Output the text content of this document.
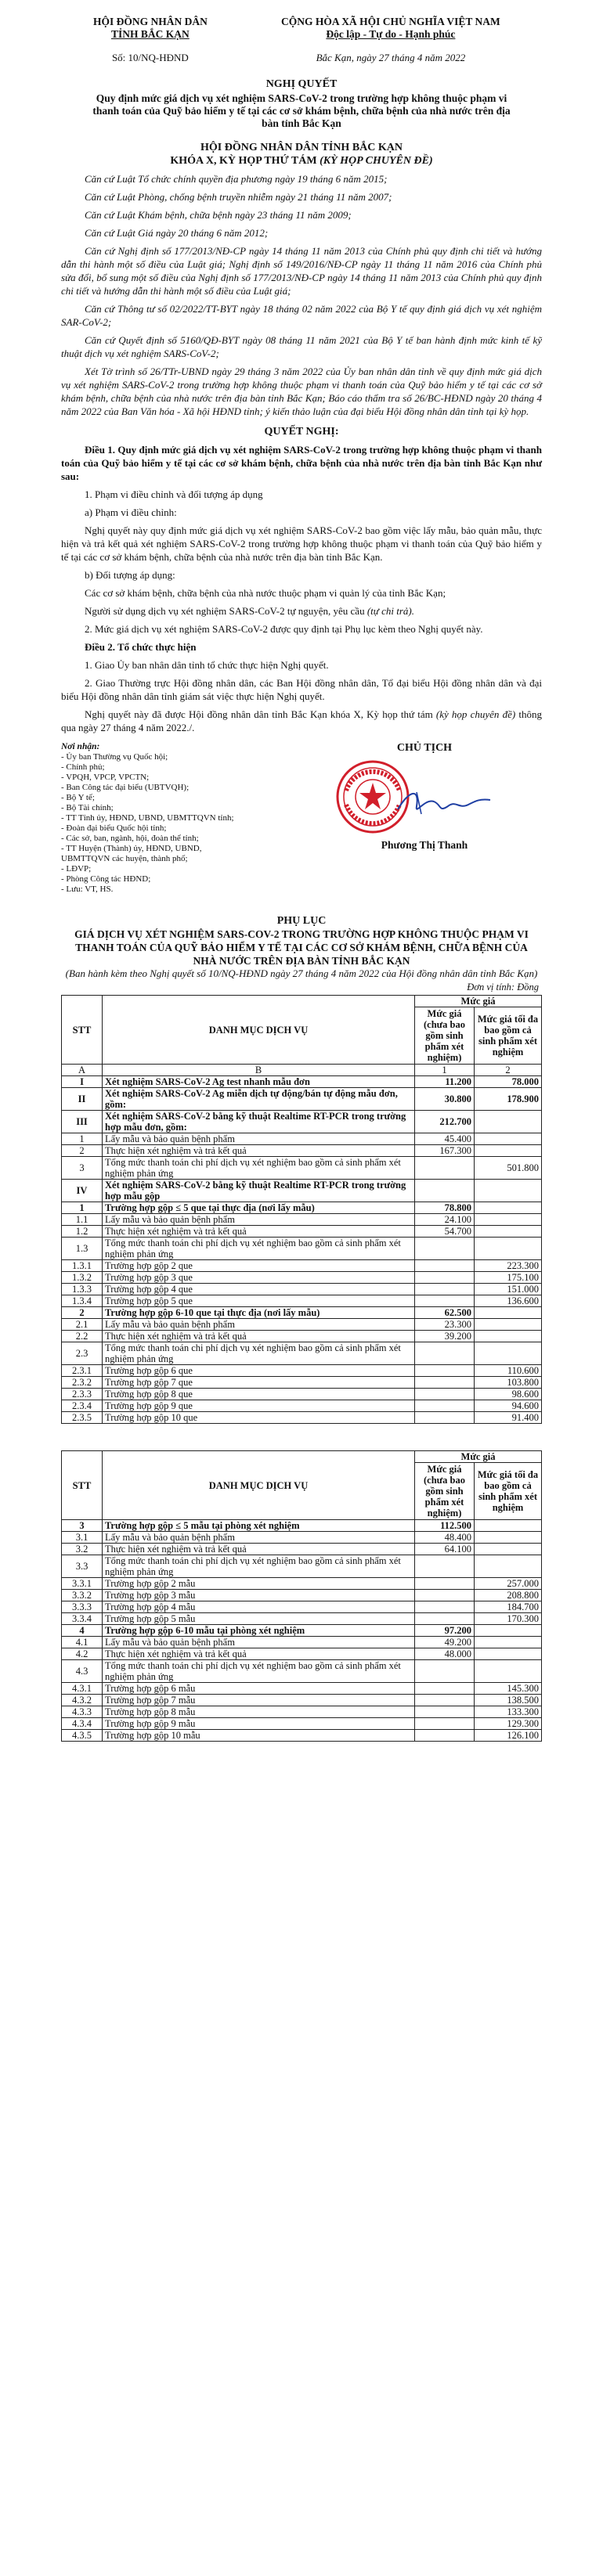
HỘI ĐỒNG NHÂN DÂN
TỈNH BẮC KẠN
CỘNG HÒA XÃ HỘI CHỦ NGHĨA VIỆT NAM
Độc lập - Tự do - Hạnh phúc
Số: 10/NQ-HĐND	Bắc Kạn, ngày 27 tháng 4 năm 2022
NGHỊ QUYẾT
Quy định mức giá dịch vụ xét nghiệm SARS-CoV-2 trong trường hợp không thuộc phạm vi thanh toán của Quỹ bảo hiểm y tế tại các cơ sở khám bệnh, chữa bệnh của nhà nước trên địa bàn tỉnh Bắc Kạn
HỘI ĐỒNG NHÂN DÂN TỈNH BẮC KẠN
KHÓA X, KỲ HỌP THỨ TÁM (KỲ HỌP CHUYÊN ĐỀ)

Căn cứ Luật Tổ chức chính quyền địa phương ngày 19 tháng 6 năm 2015;

Căn cứ Luật Phòng, chống bệnh truyền nhiễm ngày 21 tháng 11 năm 2007;

Căn cứ Luật Khám bệnh, chữa bệnh ngày 23 tháng 11 năm 2009;

Căn cứ Luật Giá ngày 20 tháng 6 năm 2012;

Căn cứ Nghị định số 177/2013/NĐ-CP ngày 14 tháng 11 năm 2013 của Chính phủ quy định chi tiết và hướng dẫn thi hành một số điều của Luật giá; Nghị định số 149/2016/NĐ-CP ngày 11 tháng 11 năm 2016 của Chính phủ sửa đổi, bổ sung một số điều của Nghị định số 177/2013/NĐ-CP ngày 14 tháng 11 năm 2013 của Chính phủ quy định chi tiết và hướng dẫn thi hành một số điều của Luật giá;

Căn cứ Thông tư số 02/2022/TT-BYT ngày 18 tháng 02 năm 2022 của Bộ Y tế quy định giá dịch vụ xét nghiệm SAR-CoV-2;

Căn cứ Quyết định số 5160/QĐ-BYT ngày 08 tháng 11 năm 2021 của Bộ Y tế ban hành định mức kinh tế kỹ thuật dịch vụ xét nghiệm SARS-CoV-2;

Xét Tờ trình số 26/TTr-UBND ngày 29 tháng 3 năm 2022 của Ủy ban nhân dân tỉnh về quy định mức giá dịch vụ xét nghiệm SARS-CoV-2 trong trường hợp không thuộc phạm vi thanh toán của Quỹ bảo hiểm y tế tại các cơ sở khám bệnh, chữa bệnh của nhà nước trên địa bàn tỉnh Bắc Kạn; Báo cáo thẩm tra số 26/BC-HĐND ngày 20 tháng 4 năm 2022 của Ban Văn hóa - Xã hội HĐND tỉnh; ý kiến thảo luận của đại biểu Hội đồng nhân dân tỉnh tại kỳ họp.

QUYẾT NGHỊ:

Điều 1. Quy định mức giá dịch vụ xét nghiệm SARS-CoV-2 trong trường hợp không thuộc phạm vi thanh toán của Quỹ bảo hiểm y tế tại các cơ sở khám bệnh, chữa bệnh của nhà nước trên địa bàn tỉnh Bắc Kạn như sau:

1. Phạm vi điều chỉnh và đối tượng áp dụng

a) Phạm vi điều chỉnh:

Nghị quyết này quy định mức giá dịch vụ xét nghiệm SARS-CoV-2 bao gồm việc lấy mẫu, bảo quản mẫu, thực hiện và trả kết quả xét nghiệm SARS-CoV-2 trong trường hợp không thuộc phạm vi thanh toán của Quỹ bảo hiểm y tế tại các cơ sở khám bệnh, chữa bệnh của nhà nước trên địa bàn tỉnh Bắc Kạn.

b) Đối tượng áp dụng:

Các cơ sở khám bệnh, chữa bệnh của nhà nước thuộc phạm vi quản lý của tỉnh Bắc Kạn;

Người sử dụng dịch vụ xét nghiệm SARS-CoV-2 tự nguyện, yêu cầu (tự chi trả).

2. Mức giá dịch vụ xét nghiệm SARS-CoV-2 được quy định tại Phụ lục kèm theo Nghị quyết này.

Điều 2. Tổ chức thực hiện

1. Giao Ủy ban nhân dân tỉnh tổ chức thực hiện Nghị quyết.

2. Giao Thường trực Hội đồng nhân dân, các Ban Hội đồng nhân dân, Tổ đại biểu Hội đồng nhân dân và đại biểu Hội đồng nhân dân tỉnh giám sát việc thực hiện Nghị quyết.

Nghị quyết này đã được Hội đồng nhân dân tỉnh Bắc Kạn khóa X, Kỳ họp thứ tám (kỳ họp chuyên đề) thông qua ngày 27 tháng 4 năm 2022./.

Nơi nhận:
- Ủy ban Thường vụ Quốc hội;
- Chính phủ;
- VPQH, VPCP, VPCTN;
- Ban Công tác đại biểu (UBTVQH);
- Bộ Y tế;
- Bộ Tài chính;
- TT Tỉnh ủy, HĐND, UBND, UBMTTQVN tỉnh;
- Đoàn đại biểu Quốc hội tỉnh;
- Các sở, ban, ngành, hội, đoàn thể tỉnh;
- TT Huyện (Thành) ủy, HĐND, UBND,
UBMTTQVN các huyện, thành phố;
- LĐVP;
- Phòng Công tác HĐND;
- Lưu: VT, HS.
CHỦ TỊCH
Phương Thị Thanh
PHỤ LỤC
GIÁ DỊCH VỤ XÉT NGHIỆM SARS-COV-2 TRONG TRƯỜNG HỢP KHÔNG THUỘC PHẠM VI THANH TOÁN CỦA QUỸ BẢO HIỂM Y TẾ TẠI CÁC CƠ SỞ KHÁM BỆNH, CHỮA BỆNH CỦA NHÀ NƯỚC TRÊN ĐỊA BÀN TỈNH BẮC KẠN
(Ban hành kèm theo Nghị quyết số 10/NQ-HĐND ngày 27 tháng 4 năm 2022 của Hội đồng nhân dân tỉnh Bắc Kạn)
Đơn vị tính: Đồng
STT	DANH MỤC DỊCH VỤ	Mức giá	
		Mức giá (chưa bao gồm sinh phẩm xét nghiệm)	Mức giá tối đa bao gồm cả sinh phẩm xét nghiệm
A	B	1	2
I	Xét nghiệm SARS-CoV-2 Ag test nhanh mẫu đơn	11.200	78.000
II	Xét nghiệm SARS-CoV-2 Ag miễn dịch tự động/bán tự động mẫu đơn, gồm:	30.800	178.900
III	Xét nghiệm SARS-CoV-2 bằng kỹ thuật Realtime RT-PCR trong trường hợp mẫu đơn, gồm:	212.700	
1	Lấy mẫu và bảo quản bệnh phẩm	45.400	
2	Thực hiện xét nghiệm và trả kết quả	167.300	
3	Tổng mức thanh toán chi phí dịch vụ xét nghiệm bao gồm cả sinh phẩm xét nghiệm phản ứng		501.800
IV	Xét nghiệm SARS-CoV-2 bằng kỹ thuật Realtime RT-PCR trong trường hợp mẫu gộp		
1	Trường hợp gộp ≤ 5 que tại thực địa (nơi lấy mẫu)	78.800	
1.1	Lấy mẫu và bảo quản bệnh phẩm	24.100	
1.2	Thực hiện xét nghiệm và trả kết quả	54.700	
1.3	Tổng mức thanh toán chi phí dịch vụ xét nghiệm bao gồm cả sinh phẩm xét nghiệm phản ứng		
1.3.1	Trường hợp gộp 2 que		223.300
1.3.2	Trường hợp gộp 3 que		175.100
1.3.3	Trường hợp gộp 4 que		151.000
1.3.4	Trường hợp gộp 5 que		136.600
2	Trường hợp gộp 6-10 que tại thực địa (nơi lấy mẫu)	62.500	
2.1	Lấy mẫu và bảo quản bệnh phẩm	23.300	
2.2	Thực hiện xét nghiệm và trả kết quả	39.200	
2.3	Tổng mức thanh toán chi phí dịch vụ xét nghiệm bao gồm cả sinh phẩm xét nghiệm phản ứng		
2.3.1	Trường hợp gộp 6 que		110.600
2.3.2	Trường hợp gộp 7 que		103.800
2.3.3	Trường hợp gộp 8 que		98.600
2.3.4	Trường hợp gộp 9 que		94.600
2.3.5	Trường hợp gộp 10 que		91.400
STT	DANH MỤC DỊCH VỤ	Mức giá	
		Mức giá (chưa bao gồm sinh phẩm xét nghiệm)	Mức giá tối đa bao gồm cả sinh phẩm xét nghiệm
3	Trường hợp gộp ≤ 5 mẫu tại phòng xét nghiệm	112.500	
3.1	Lấy mẫu và bảo quản bệnh phẩm	48.400	
3.2	Thực hiện xét nghiệm và trả kết quả	64.100	
3.3	Tổng mức thanh toán chi phí dịch vụ xét nghiệm bao gồm cả sinh phẩm xét nghiệm phản ứng		
3.3.1	Trường hợp gộp 2 mẫu		257.000
3.3.2	Trường hợp gộp 3 mẫu		208.800
3.3.3	Trường hợp gộp 4 mẫu		184.700
3.3.4	Trường hợp gộp 5 mẫu		170.300
4	Trường hợp gộp 6-10 mẫu tại phòng xét nghiệm	97.200	
4.1	Lấy mẫu và bảo quản bệnh phẩm	49.200	
4.2	Thực hiện xét nghiệm và trả kết quả	48.000	
4.3	Tổng mức thanh toán chi phí dịch vụ xét nghiệm bao gồm cả sinh phẩm xét nghiệm phản ứng		
4.3.1	Trường hợp gộp 6 mẫu		145.300
4.3.2	Trường hợp gộp 7 mẫu		138.500
4.3.3	Trường hợp gộp 8 mẫu		133.300
4.3.4	Trường hợp gộp 9 mẫu		129.300
4.3.5	Trường hợp gộp 10 mẫu		126.100
